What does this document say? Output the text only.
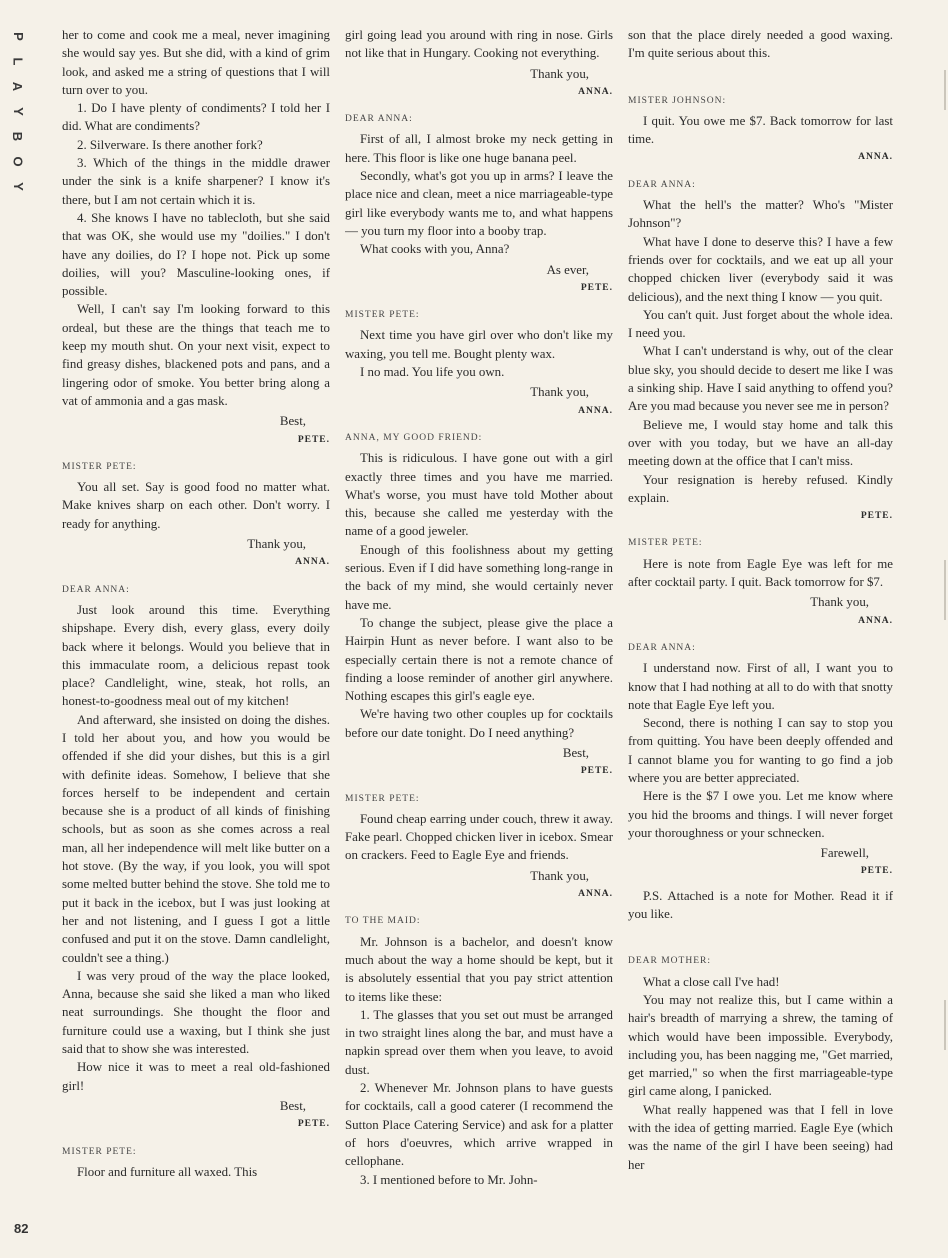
P
L
A
Y
B
O
Y
82

her to come and cook me a meal, never imagining she would say yes. But she did, with a kind of grim look, and asked me a string of questions that I will turn over to you.

1. Do I have plenty of condiments? I told her I did. What are condiments?

2. Silverware. Is there another fork?

3. Which of the things in the middle drawer under the sink is a knife sharpener? I know it's there, but I am not certain which it is.

4. She knows I have no tablecloth, but she said that was OK, she would use my "doilies." I don't have any doilies, do I? I hope not. Pick up some doilies, will you? Masculine-looking ones, if possible.

Well, I can't say I'm looking forward to this ordeal, but these are the things that teach me to keep my mouth shut. On your next visit, expect to find greasy dishes, blackened pots and pans, and a lingering odor of smoke. You better bring along a vat of ammonia and a gas mask.

Best,
PETE.
MISTER PETE:

You all set. Say is good food no matter what. Make knives sharp on each other. Don't worry. I ready for anything.

Thank you,
ANNA.
DEAR ANNA:

Just look around this time. Everything shipshape. Every dish, every glass, every doily back where it belongs. Would you believe that in this immaculate room, a delicious repast took place? Candlelight, wine, steak, hot rolls, an honest-to-goodness meal out of my kitchen!

And afterward, she insisted on doing the dishes. I told her about you, and how you would be offended if she did your dishes, but this is a girl with definite ideas. Somehow, I believe that she forces herself to be independent and certain because she is a product of all kinds of finishing schools, but as soon as she comes across a real man, all her independence will melt like butter on a hot stove. (By the way, if you look, you will spot some melted butter behind the stove. She told me to put it back in the icebox, but I was just looking at her and not listening, and I guess I got a little confused and put it on the stove. Damn candlelight, couldn't see a thing.)

I was very proud of the way the place looked, Anna, because she said she liked a man who liked neat surroundings. She thought the floor and furniture could use a waxing, but I think she just said that to show she was interested.

How nice it was to meet a real old-fashioned girl!

Best,
PETE.
MISTER PETE:

Floor and furniture all waxed. This

girl going lead you around with ring in nose. Girls not like that in Hungary. Cooking not everything.

Thank you,
ANNA.
DEAR ANNA:

First of all, I almost broke my neck getting in here. This floor is like one huge banana peel.

Secondly, what's got you up in arms? I leave the place nice and clean, meet a nice marriageable-type girl like everybody wants me to, and what happens — you turn my floor into a booby trap.

What cooks with you, Anna?

As ever,
PETE.
MISTER PETE:

Next time you have girl over who don't like my waxing, you tell me. Bought plenty wax.

I no mad. You life you own.

Thank you,
ANNA.
ANNA, MY GOOD FRIEND:

This is ridiculous. I have gone out with a girl exactly three times and you have me married. What's worse, you must have told Mother about this, because she called me yesterday with the name of a good jeweler.

Enough of this foolishness about my getting serious. Even if I did have something long-range in the back of my mind, she would certainly never have me.

To change the subject, please give the place a Hairpin Hunt as never before. I want also to be especially certain there is not a remote chance of finding a loose reminder of another girl anywhere. Nothing escapes this girl's eagle eye.

We're having two other couples up for cocktails before our date tonight. Do I need anything?

Best,
PETE.
MISTER PETE:

Found cheap earring under couch, threw it away. Fake pearl. Chopped chicken liver in icebox. Smear on crackers. Feed to Eagle Eye and friends.

Thank you,
ANNA.
TO THE MAID:

Mr. Johnson is a bachelor, and doesn't know much about the way a home should be kept, but it is absolutely essential that you pay strict attention to items like these:

1. The glasses that you set out must be arranged in two straight lines along the bar, and must have a napkin spread over them when you leave, to avoid dust.

2. Whenever Mr. Johnson plans to have guests for cocktails, call a good caterer (I recommend the Sutton Place Catering Service) and ask for a platter of hors d'oeuvres, which arrive wrapped in cellophane.

3. I mentioned before to Mr. John-

son that the place direly needed a good waxing. I'm quite serious about this.

MISTER JOHNSON:

I quit. You owe me $7. Back tomorrow for last time.

ANNA.
DEAR ANNA:

What the hell's the matter? Who's "Mister Johnson"?

What have I done to deserve this? I have a few friends over for cocktails, and we eat up all your chopped chicken liver (everybody said it was delicious), and the next thing I know — you quit.

You can't quit. Just forget about the whole idea. I need you.

What I can't understand is why, out of the clear blue sky, you should decide to desert me like I was a sinking ship. Have I said anything to offend you? Are you mad because you never see me in person?

Believe me, I would stay home and talk this over with you today, but we have an all-day meeting down at the office that I can't miss.

Your resignation is hereby refused. Kindly explain.

PETE.
MISTER PETE:

Here is note from Eagle Eye was left for me after cocktail party. I quit. Back tomorrow for $7.

Thank you,
ANNA.
DEAR ANNA:

I understand now. First of all, I want you to know that I had nothing at all to do with that snotty note that Eagle Eye left you.

Second, there is nothing I can say to stop you from quitting. You have been deeply offended and I cannot blame you for wanting to go find a job where you are better appreciated.

Here is the $7 I owe you. Let me know where you hid the brooms and things. I will never forget your thoroughness or your schnecken.

Farewell,
PETE.

P.S. Attached is a note for Mother. Read it if you like.

DEAR MOTHER:

What a close call I've had!

You may not realize this, but I came within a hair's breadth of marrying a shrew, the taming of which would have been impossible. Everybody, including you, has been nagging me, "Get married, get married," so when the first marriageable-type girl came along, I panicked.

What really happened was that I fell in love with the idea of getting married. Eagle Eye (which was the name of the girl I have been seeing) had her
